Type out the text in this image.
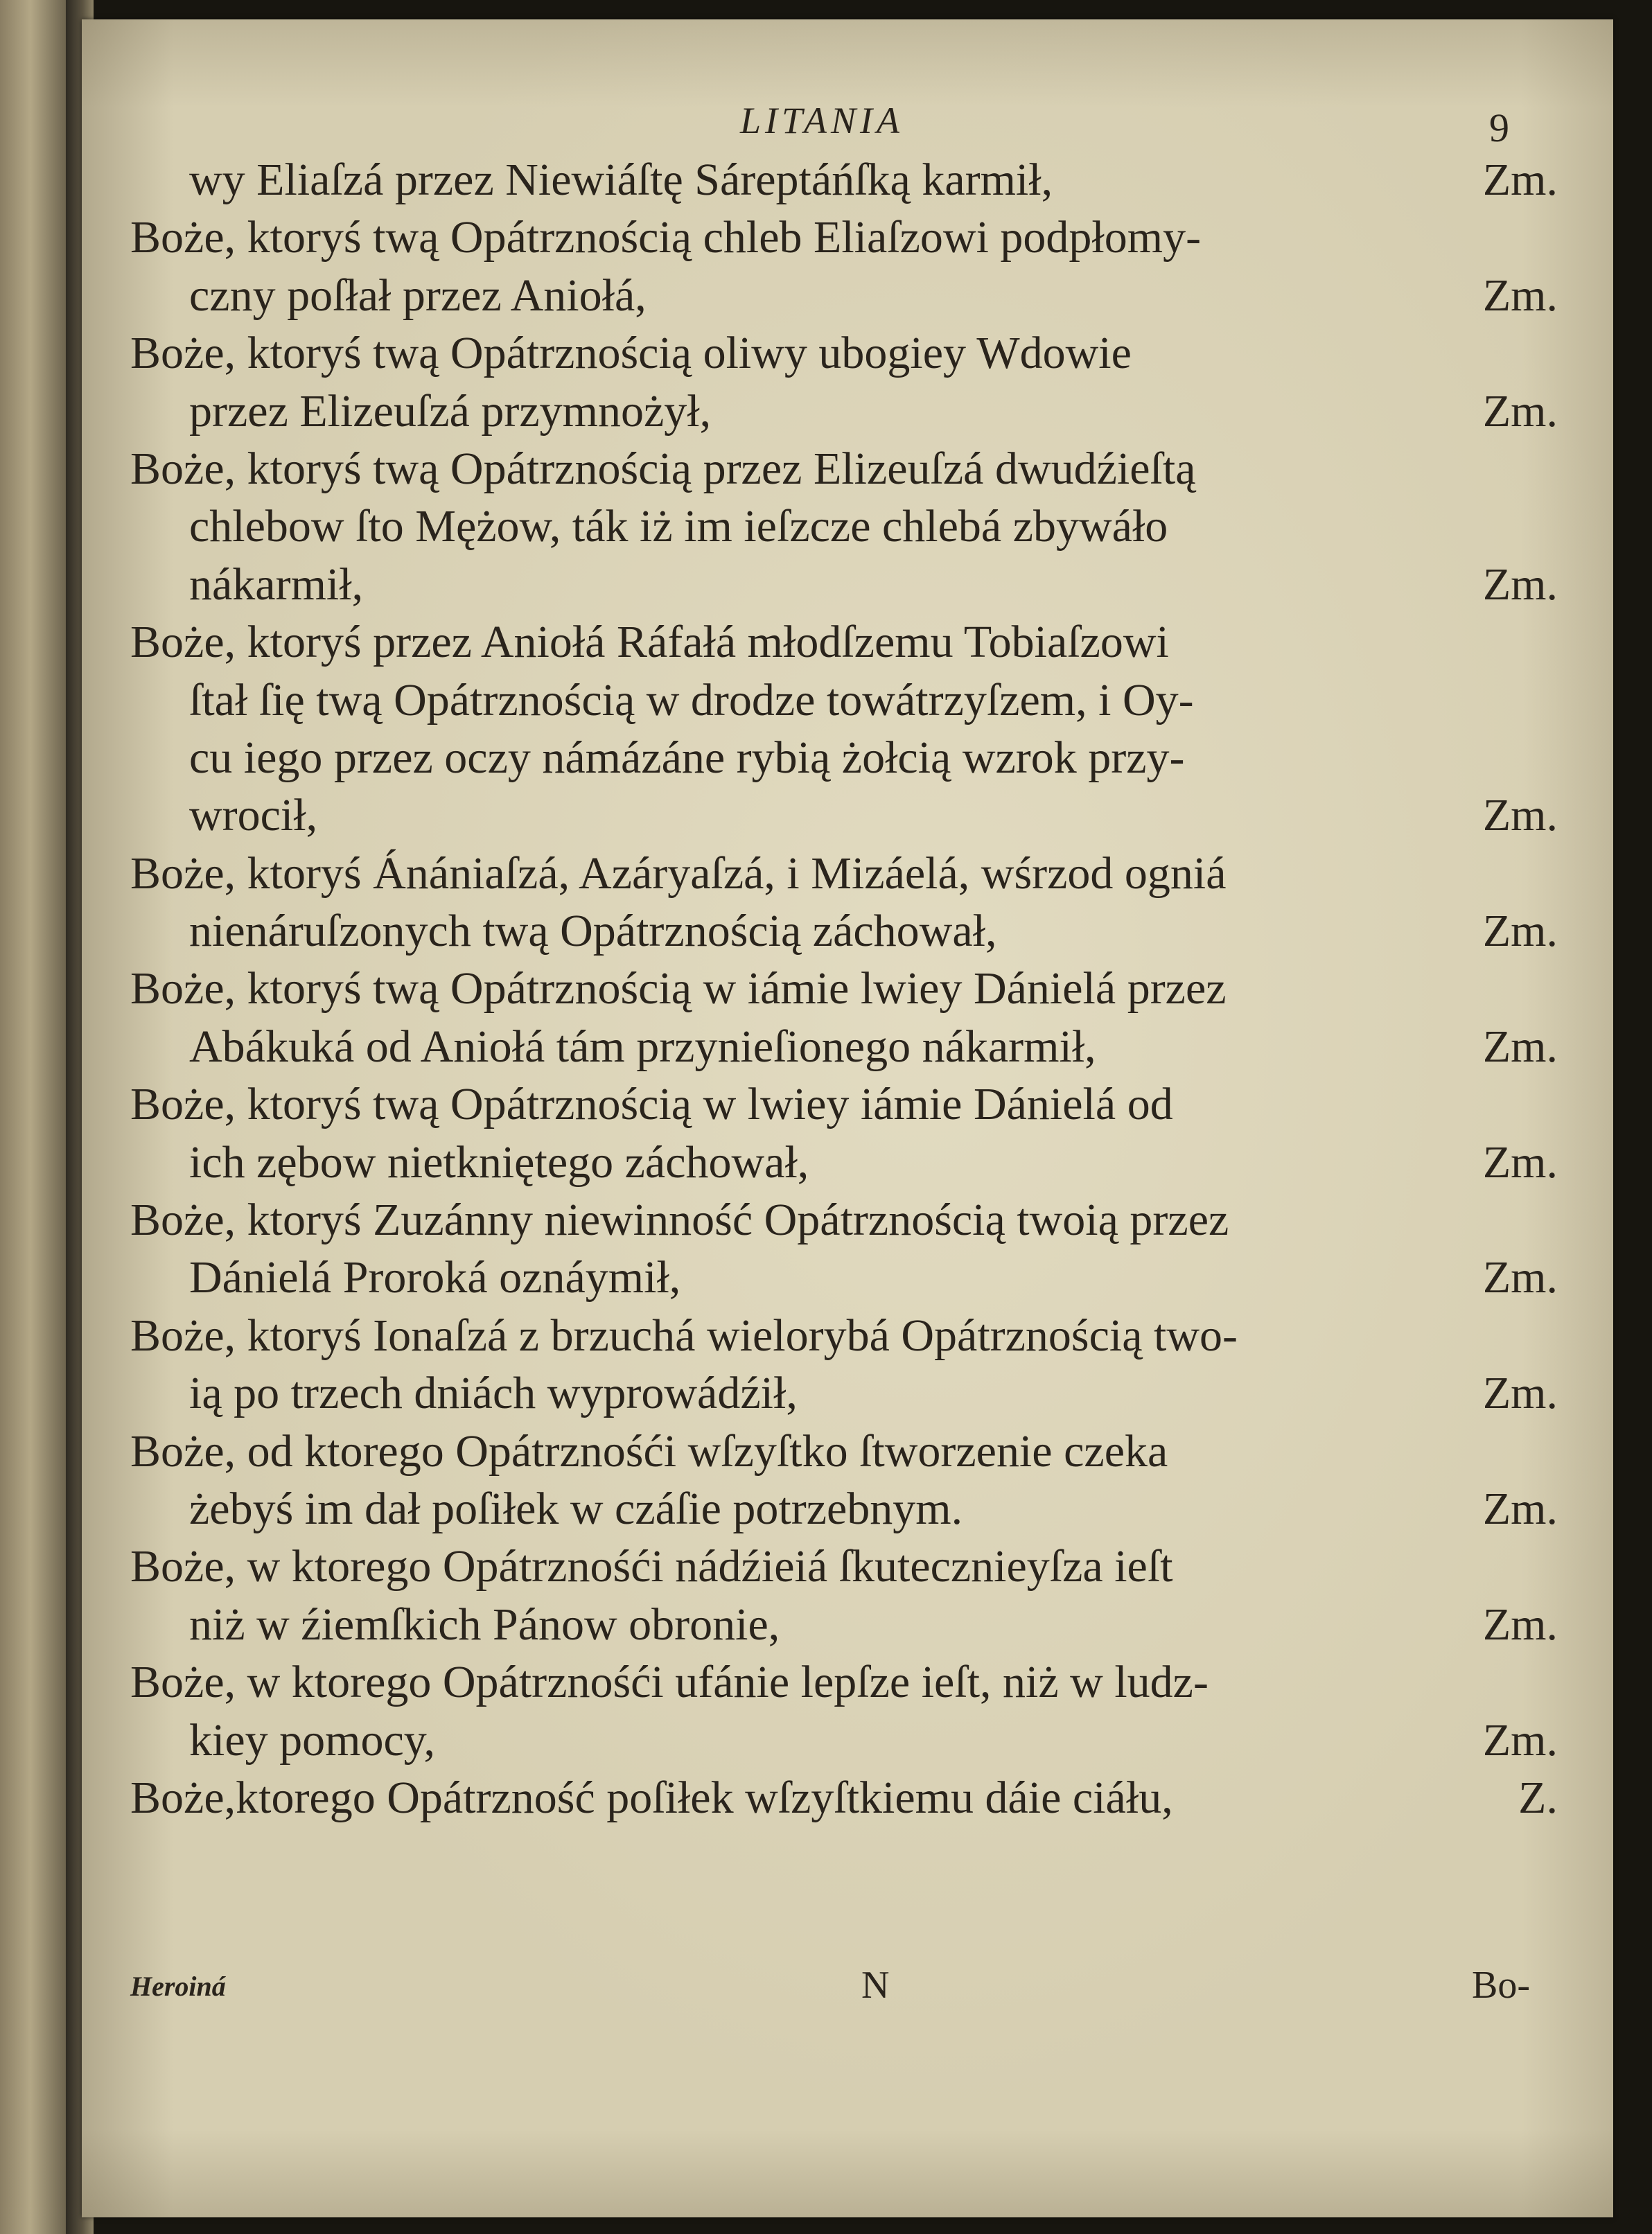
LITANIA	9
wy Eliaſzá przez Niewiáſtę Sáreptáńſką karmił,	Zm.
Boże, ktoryś twą Opátrznością chleb Eliaſzowi podpłomy-
czny poſłał przez Aniołá,	Zm.
Boże, ktoryś twą Opátrznością oliwy ubogiey Wdowie
przez Elizeuſzá przymnożył,	Zm.
Boże, ktoryś twą Opátrznością przez Elizeuſzá dwudźieſtą
chlebow ſto Mężow, ták iż im ieſzcze chlebá zbywáło
nákarmił,	Zm.
Boże, ktoryś przez Aniołá Ráfałá młodſzemu Tobiaſzowi
ſtał ſię twą Opátrznością w drodze towátrzyſzem, i Oy-
cu iego przez oczy námázáne rybią żołcią wzrok przy-
wrocił,	Zm.
Boże, ktoryś Ánániaſzá, Azáryaſzá, i Mizáelá, wśrzod ogniá
nienáruſzonych twą Opátrznością záchował,	Zm.
Boże, ktoryś twą Opátrznością w iámie lwiey Dánielá przez
Abákuká od Aniołá tám przynieſionego nákarmił,	Zm.
Boże, ktoryś twą Opátrznością w lwiey iámie Dánielá od
ich zębow nietkniętego záchował,	Zm.
Boże, ktoryś Zuzánny niewinność Opátrznością twoią przez
Dánielá Proroká oznáymił,	Zm.
Boże, ktoryś Ionaſzá z brzuchá wielorybá Opátrznością two-
ią po trzech dniách wyprowádźił,	Zm.
Boże, od ktorego Opátrznośći wſzyſtko ſtworzenie czeka
żebyś im dał poſiłek w czáſie potrzebnym.	Zm.
Boże, w ktorego Opátrznośći nádźieiá ſkutecznieyſza ieſt
niż w źiemſkich Pánow obronie,	Zm.
Boże, w ktorego Opátrznośći ufánie lepſze ieſt, niż w ludz-
kiey pomocy,	Zm.
Boże,ktorego Opátrzność poſiłek wſzyſtkiemu dáie ciáłu,	Z.
Heroiná	N	Bo-
